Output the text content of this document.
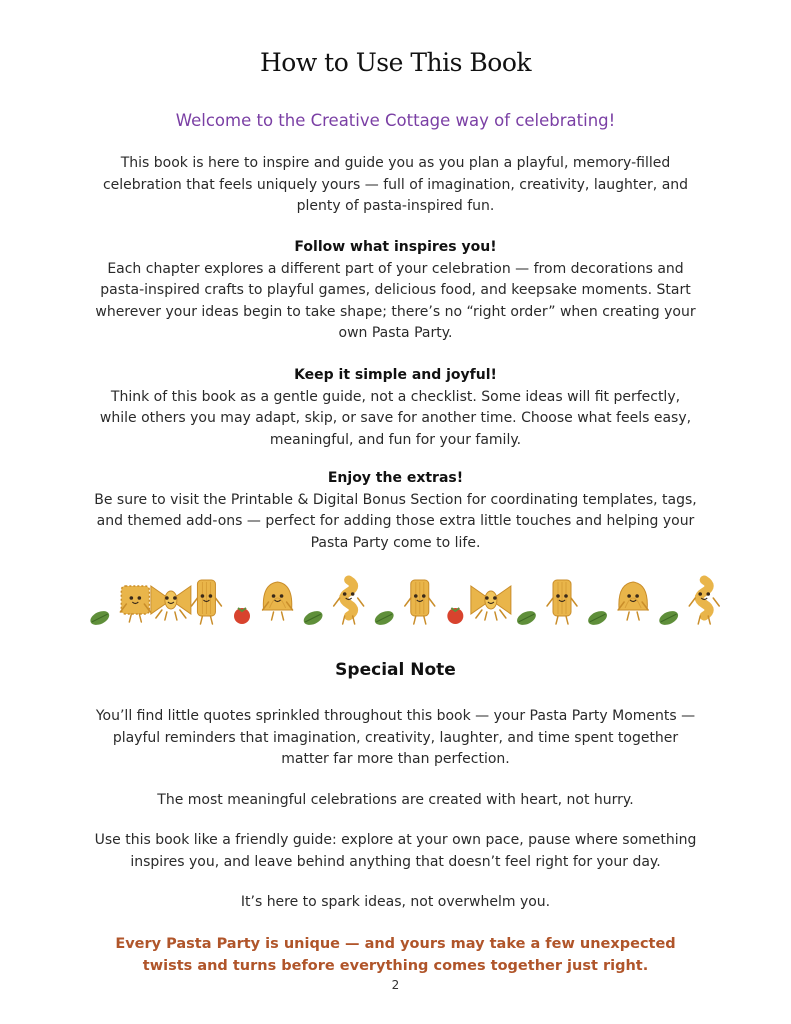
How to Use This Book
Welcome to the Creative Cottage way of celebrating!
This book is here to inspire and guide you as you plan a playful, memory-filled celebration that feels uniquely yours — full of imagination, creativity, laughter, and plenty of pasta-inspired fun.
Follow what inspires you!
Each chapter explores a different part of your celebration — from decorations and pasta-inspired crafts to playful games, delicious food, and keepsake moments. Start wherever your ideas begin to take shape; there’s no “right order” when creating your own Pasta Party.
Keep it simple and joyful!
Think of this book as a gentle guide, not a checklist. Some ideas will fit perfectly, while others you may adapt, skip, or save for another time. Choose what feels easy, meaningful, and fun for your family.
Enjoy the extras!
Be sure to visit the Printable & Digital Bonus Section for coordinating templates, tags, and themed add-ons — perfect for adding those extra little touches and helping your Pasta Party come to life.
Special Note
You’ll find little quotes sprinkled throughout this book — your Pasta Party Moments — playful reminders that imagination, creativity, laughter, and time spent together matter far more than perfection.
The most meaningful celebrations are created with heart, not hurry.
Use this book like a friendly guide: explore at your own pace, pause where something inspires you, and leave behind anything that doesn’t feel right for your day.
It’s here to spark ideas, not overwhelm you.
Every Pasta Party is unique — and yours may take a few unexpected twists and turns before everything comes together just right.
2
